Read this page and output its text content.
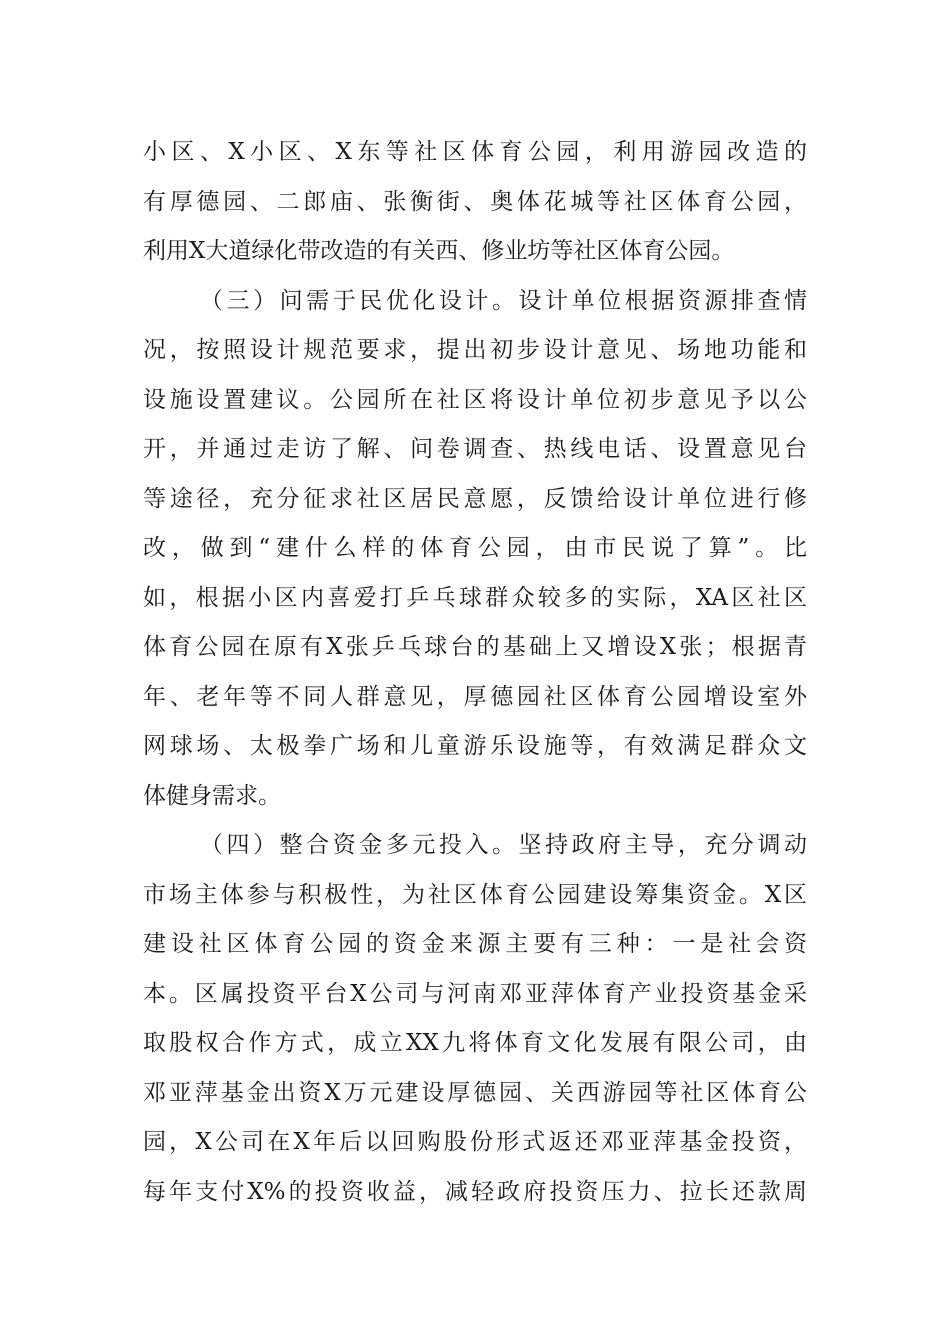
小区、X小区、X东等社区体育公园，利用游园改造的
有厚德园、二郎庙、张衡街、奥体花城等社区体育公园，
利用X大道绿化带改造的有关西、修业坊等社区体育公园。
（三）问需于民优化设计。设计单位根据资源排查情
况，按照设计规范要求，提出初步设计意见、场地功能和
设施设置建议。公园所在社区将设计单位初步意见予以公
开，并通过走访了解、问卷调查、热线电话、设置意见台
等途径，充分征求社区居民意愿，反馈给设计单位进行修
改，做到“建什么样的体育公园，由市民说了算”。比
如，根据小区内喜爱打乒乓球群众较多的实际，XA区社区
体育公园在原有X张乒乓球台的基础上又增设X张；根据青
年、老年等不同人群意见，厚德园社区体育公园增设室外
网球场、太极拳广场和儿童游乐设施等，有效满足群众文
体健身需求。
（四）整合资金多元投入。坚持政府主导，充分调动
市场主体参与积极性，为社区体育公园建设筹集资金。X区
建设社区体育公园的资金来源主要有三种：一是社会资
本。区属投资平台X公司与河南邓亚萍体育产业投资基金采
取股权合作方式，成立XX九将体育文化发展有限公司，由
邓亚萍基金出资X万元建设厚德园、关西游园等社区体育公
园，X公司在X年后以回购股份形式返还邓亚萍基金投资，
每年支付X%的投资收益，减轻政府投资压力、拉长还款周
